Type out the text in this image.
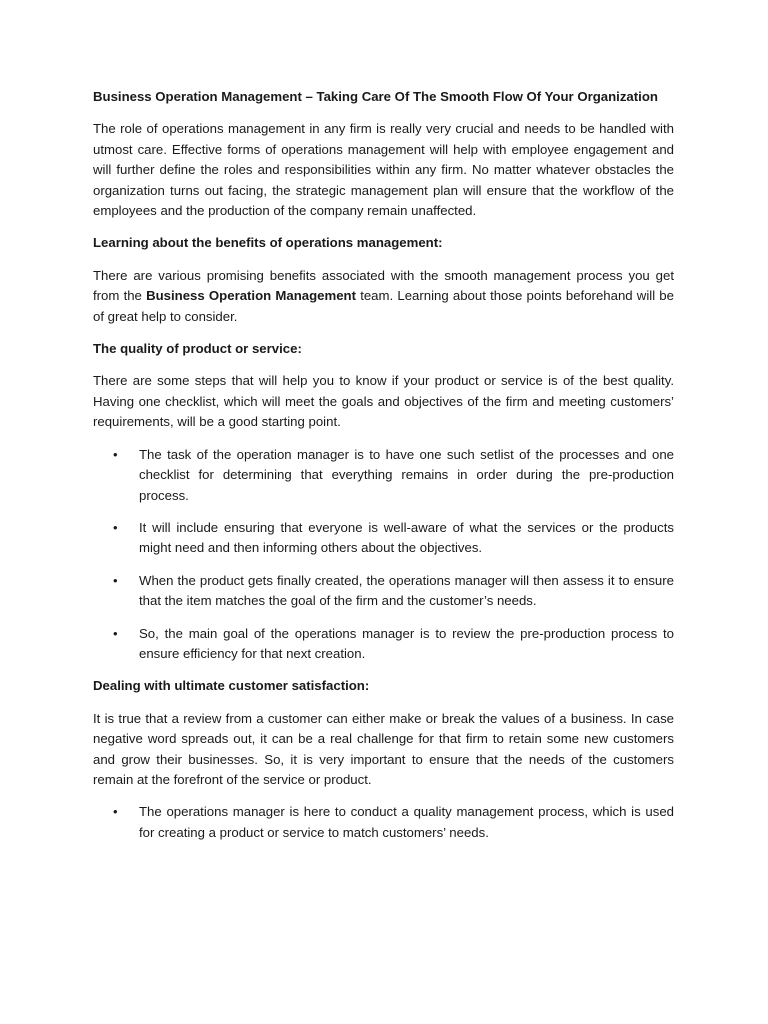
Business Operation Management – Taking Care Of The Smooth Flow Of Your Organization

The role of operations management in any firm is really very crucial and needs to be handled with utmost care. Effective forms of operations management will help with employee engagement and will further define the roles and responsibilities within any firm. No matter whatever obstacles the organization turns out facing, the strategic management plan will ensure that the workflow of the employees and the production of the company remain unaffected.

Learning about the benefits of operations management:

There are various promising benefits associated with the smooth management process you get from the Business Operation Management team. Learning about those points beforehand will be of great help to consider.

The quality of product or service:

There are some steps that will help you to know if your product or service is of the best quality. Having one checklist, which will meet the goals and objectives of the firm and meeting customers’ requirements, will be a good starting point.

• The task of the operation manager is to have one such setlist of the processes and one checklist for determining that everything remains in order during the pre-production process.
• It will include ensuring that everyone is well-aware of what the services or the products might need and then informing others about the objectives.
• When the product gets finally created, the operations manager will then assess it to ensure that the item matches the goal of the firm and the customer’s needs.
• So, the main goal of the operations manager is to review the pre-production process to ensure efficiency for that next creation.

Dealing with ultimate customer satisfaction:

It is true that a review from a customer can either make or break the values of a business. In case negative word spreads out, it can be a real challenge for that firm to retain some new customers and grow their businesses. So, it is very important to ensure that the needs of the customers remain at the forefront of the service or product.

• The operations manager is here to conduct a quality management process, which is used for creating a product or service to match customers’ needs.
